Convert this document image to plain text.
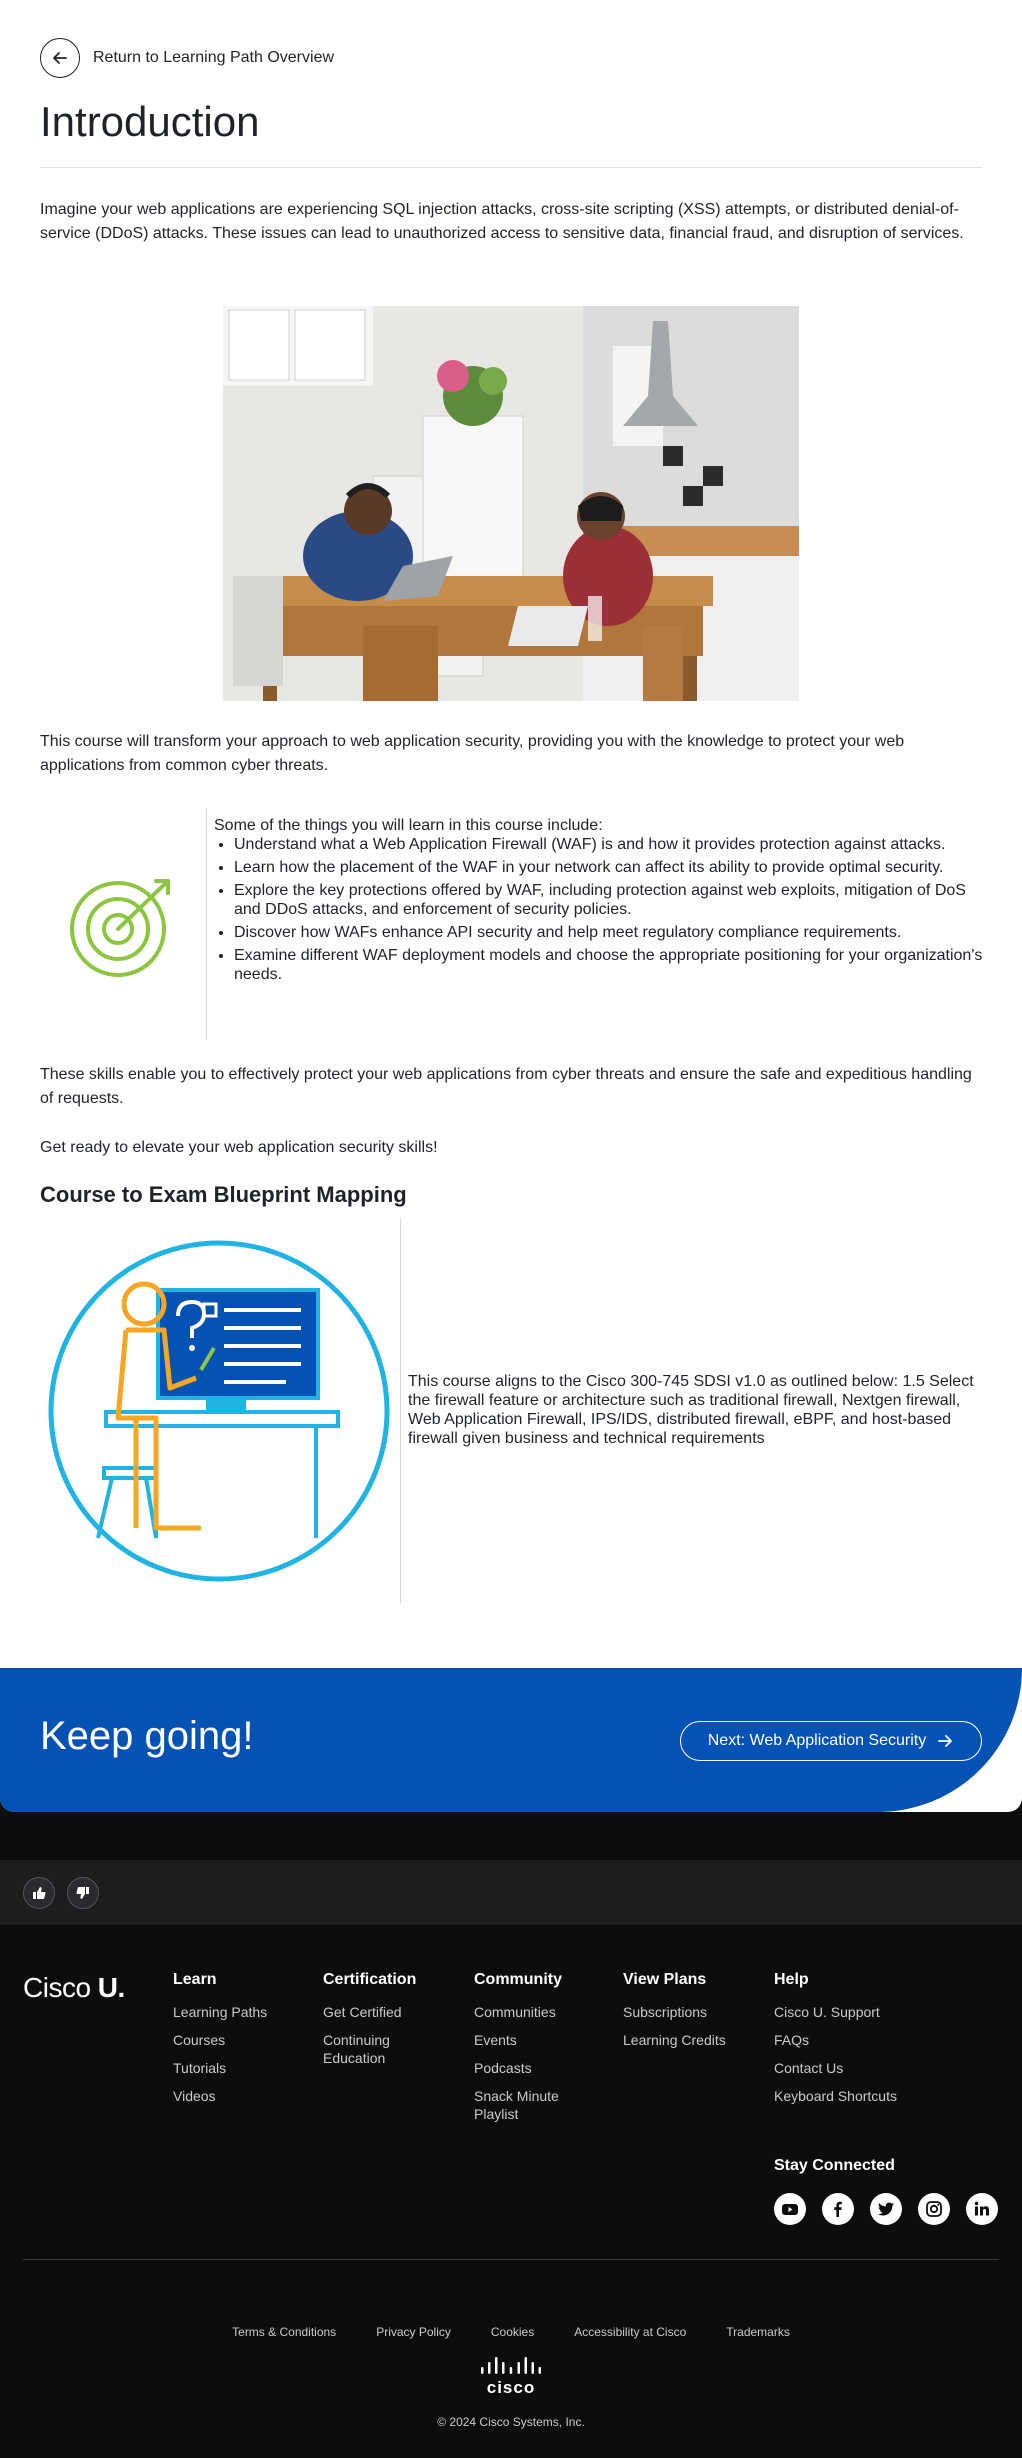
Return to Learning Path Overview
Introduction

Imagine your web applications are experiencing SQL injection attacks, cross-site scripting (XSS) attempts, or distributed denial-of-service (DDoS) attacks. These issues can lead to unauthorized access to sensitive data, financial fraud, and disruption of services.

This course will transform your approach to web application security, providing you with the knowledge to protect your web applications from common cyber threats.

Some of the things you will learn in this course include:
• Understand what a Web Application Firewall (WAF) is and how it provides protection against attacks.
• Learn how the placement of the WAF in your network can affect its ability to provide optimal security.
• Explore the key protections offered by WAF, including protection against web exploits, mitigation of DoS and DDoS attacks, and enforcement of security policies.
• Discover how WAFs enhance API security and help meet regulatory compliance requirements.
• Examine different WAF deployment models and choose the appropriate positioning for your organization's needs.

These skills enable you to effectively protect your web applications from cyber threats and ensure the safe and expeditious handling of requests.

Get ready to elevate your web application security skills!

Course to Exam Blueprint Mapping

This course aligns to the Cisco 300-745 SDSI v1.0 as outlined below: 1.5 Select the firewall feature or architecture such as traditional firewall, Nextgen firewall, Web Application Firewall, IPS/IDS, distributed firewall, eBPF, and host-based firewall given business and technical requirements

Keep going!	Next: Web Application Security
Cisco U.	Learn
Learning Paths
Courses
Tutorials
Videos
Certification
Get Certified
Continuing Education
Community
Communities
Events
Podcasts
Snack Minute Playlist
View Plans
Subscriptions
Learning Credits
Help
Cisco U. Support
FAQs
Contact Us
Keyboard Shortcuts
Stay Connected
Terms & Conditions	Privacy Policy	Cookies	Accessibility at Cisco	Trademarks
cisco
© 2024 Cisco Systems, Inc.
